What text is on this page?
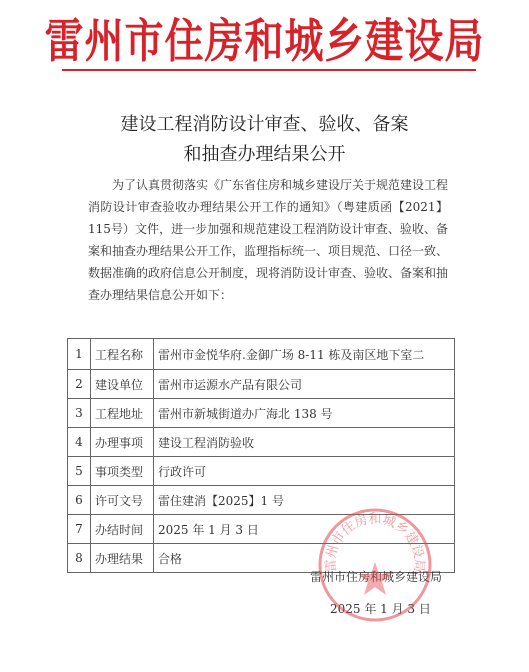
雷州市住房和城乡建设局
建设工程消防设计审查、验收、备案
和抽查办理结果公开
为了认真贯彻落实《广东省住房和城乡建设厅关于规范建设工程消防设计审查验收办理结果公开工作的通知》（粤建质函【2021】115号）文件，进一步加强和规范建设工程消防设计审查、验收、备案和抽查办理结果公开工作，监理指标统一、项目规范、口径一致、数据准确的政府信息公开制度，现将消防设计审查、验收、备案和抽查办理结果信息公开如下：
1	工程名称	雷州市金悦华府.金御广场 8-11 栋及南区地下室二
2	建设单位	雷州市运源水产品有限公司
3	工程地址	雷州市新城街道办广海北 138 号
4	办理事项	建设工程消防验收
5	事项类型	行政许可
6	许可文号	雷住建消【2025】1 号
7	办结时间	2025 年 1 月 3 日
8	办理结果	合格
雷州市住房和城乡建设局
2025 年 1 月 3 日
雷州市住房和城乡建设局
